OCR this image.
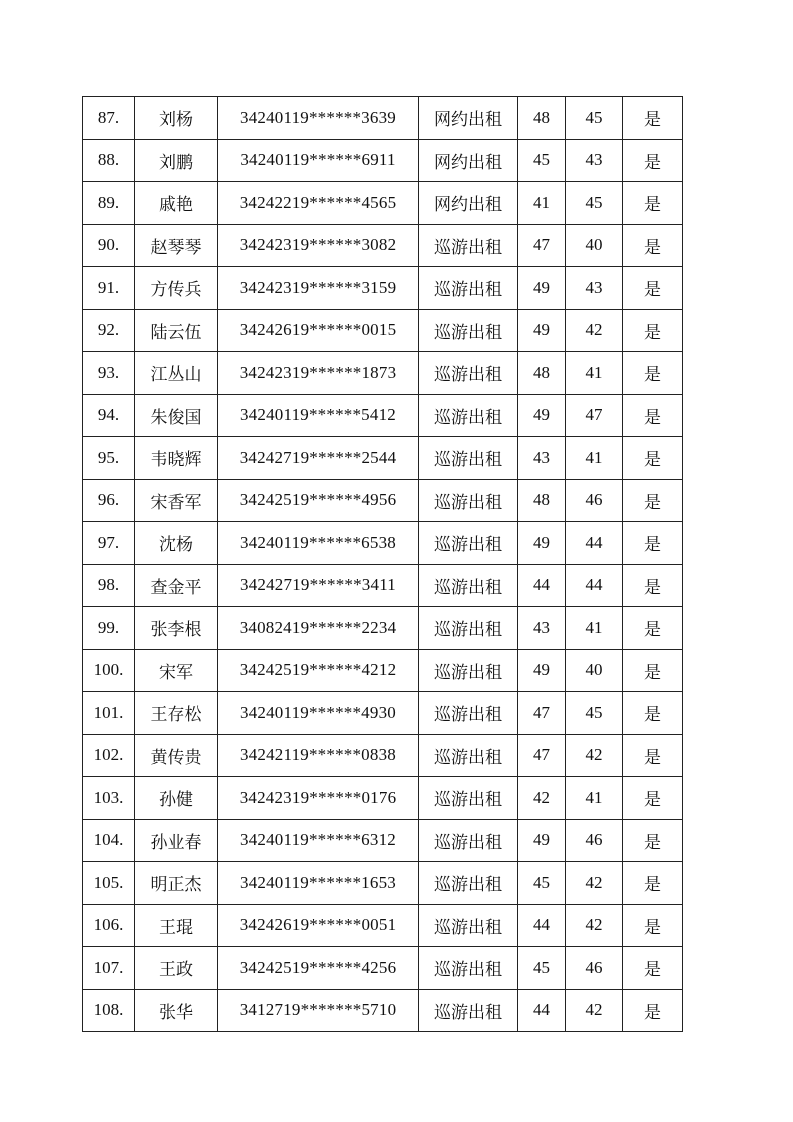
87.	刘杨	34240119******3639	网约出租	48	45	是
88.	刘鹏	34240119******6911	网约出租	45	43	是
89.	戚艳	34242219******4565	网约出租	41	45	是
90.	赵琴琴	34242319******3082	巡游出租	47	40	是
91.	方传兵	34242319******3159	巡游出租	49	43	是
92.	陆云伍	34242619******0015	巡游出租	49	42	是
93.	江丛山	34242319******1873	巡游出租	48	41	是
94.	朱俊国	34240119******5412	巡游出租	49	47	是
95.	韦晓辉	34242719******2544	巡游出租	43	41	是
96.	宋香军	34242519******4956	巡游出租	48	46	是
97.	沈杨	34240119******6538	巡游出租	49	44	是
98.	查金平	34242719******3411	巡游出租	44	44	是
99.	张李根	34082419******2234	巡游出租	43	41	是
100.	宋军	34242519******4212	巡游出租	49	40	是
101.	王存松	34240119******4930	巡游出租	47	45	是
102.	黄传贵	34242119******0838	巡游出租	47	42	是
103.	孙健	34242319******0176	巡游出租	42	41	是
104.	孙业春	34240119******6312	巡游出租	49	46	是
105.	明正杰	34240119******1653	巡游出租	45	42	是
106.	王琨	34242619******0051	巡游出租	44	42	是
107.	王政	34242519******4256	巡游出租	45	46	是
108.	张华	3412719*******5710	巡游出租	44	42	是
